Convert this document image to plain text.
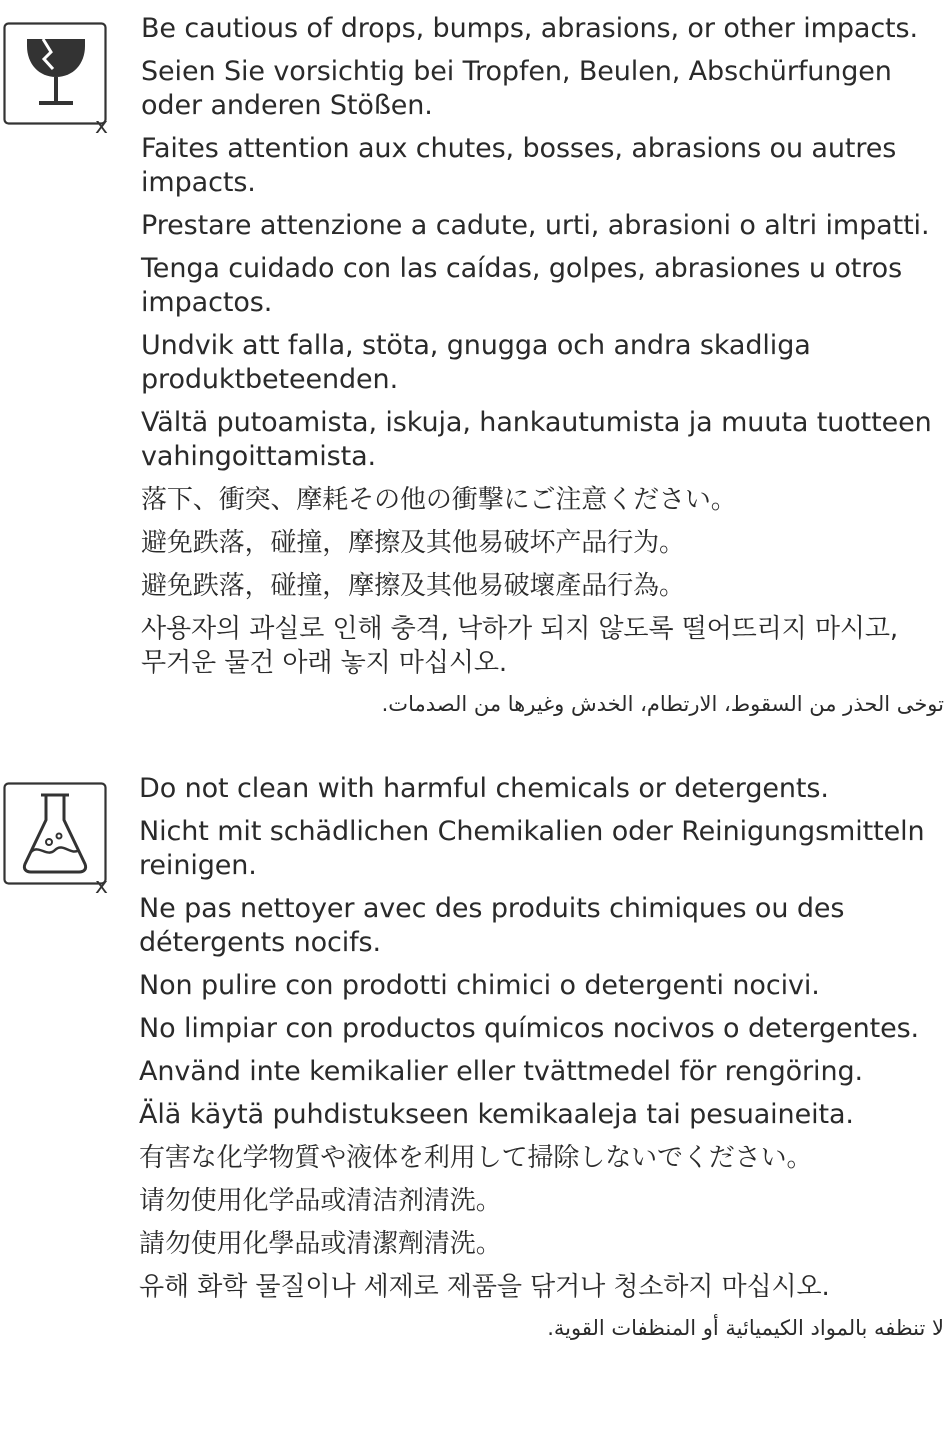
x

Be cautious of drops, bumps, abrasions, or other impacts.

Seien Sie vorsichtig bei Tropfen, Beulen, Abschürfungen
oder anderen Stößen.

Faites attention aux chutes, bosses, abrasions ou autres
impacts.

Prestare attenzione a cadute, urti, abrasioni o altri impatti.

Tenga cuidado con las caídas, golpes, abrasiones u otros
impactos.

Undvik att falla, stöta, gnugga och andra skadliga
produktbeteenden.

Vältä putoamista, iskuja, hankautumista ja muuta tuotteen
vahingoittamista.

落下、衝突、摩耗その他の衝撃にご注意ください。

避免跌落，碰撞，摩擦及其他易破坏产品行为。

避免跌落，碰撞，摩擦及其他易破壞產品行為。

사용자의 과실로 인해 충격, 낙하가 되지 않도록 떨어뜨리지 마시고,
무거운 물건 아래 놓지 마십시오.

توخى الحذر من السقوط، الارتطام، الخدش وغيرها من الصدمات.

x

Do not clean with harmful chemicals or detergents.

Nicht mit schädlichen Chemikalien oder Reinigungsmitteln
reinigen.

Ne pas nettoyer avec des produits chimiques ou des
détergents nocifs.

Non pulire con prodotti chimici o detergenti nocivi.

No limpiar con productos químicos nocivos o detergentes.

Använd inte kemikalier eller tvättmedel för rengöring.

Älä käytä puhdistukseen kemikaaleja tai pesuaineita.

有害な化学物質や液体を利用して掃除しないでください。

请勿使用化学品或清洁剂清洗。

請勿使用化學品或清潔劑清洗。

유해 화학 물질이나 세제로 제품을 닦거나 청소하지 마십시오.

لا تنظفه بالمواد الكيميائية أو المنظفات القوية.
